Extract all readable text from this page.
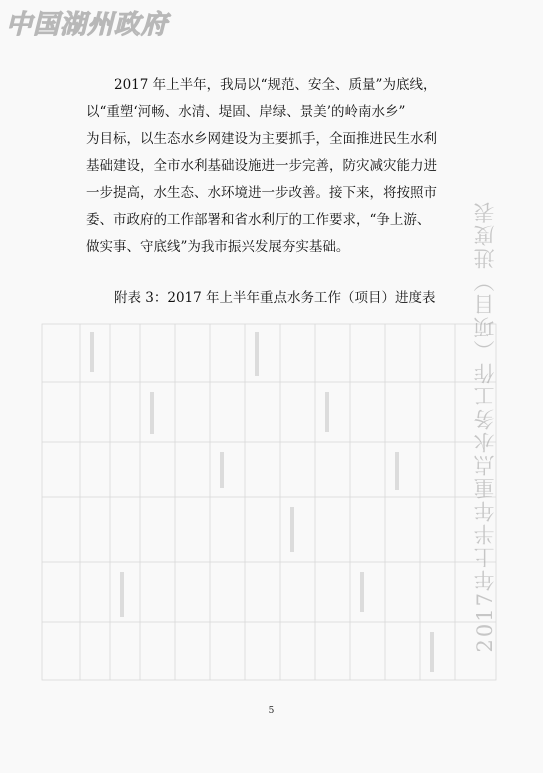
中国湖州政府
2017 年上半年，我局以“规范、安全、质量”为底线，
以“重塑‘河畅、水清、堤固、岸绿、景美’的岭南水乡”
为目标，以生态水乡网建设为主要抓手，全面推进民生水利
基础建设，全市水利基础设施进一步完善，防灾减灾能力进
一步提高，水生态、水环境进一步改善。接下来，将按照市
委、市政府的工作部署和省水利厅的工作要求，“争上游、
做实事、守底线”为我市振兴发展夯实基础。
附表 3：2017 年上半年重点水务工作（项目）进度表 2017年上半年重点水务工作（项目）进度表
5
